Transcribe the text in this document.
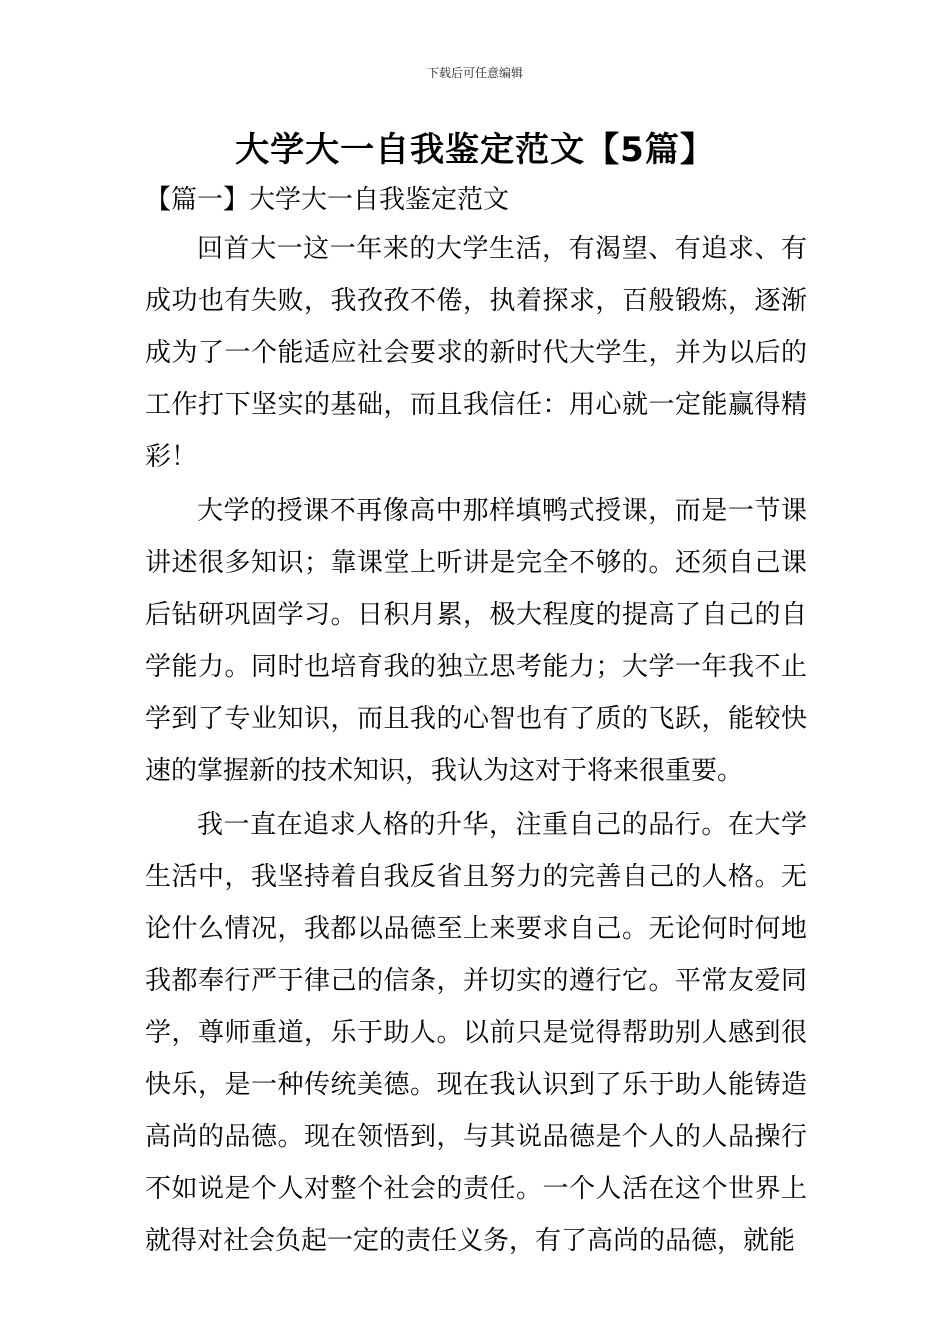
下载后可任意编辑
大学大一自我鉴定范文【5篇】
【篇一】大学大一自我鉴定范文

回首大一这一年来的大学生活，有渴望、有追求、有成功也有失败，我孜孜不倦，执着探求，百般锻炼，逐渐成为了一个能适应社会要求的新时代大学生，并为以后的工作打下坚实的基础，而且我信任：用心就一定能赢得精彩！

大学的授课不再像高中那样填鸭式授课，而是一节课讲述很多知识；靠课堂上听讲是完全不够的。还须自己课后钻研巩固学习。日积月累，极大程度的提高了自己的自学能力。同时也培育我的独立思考能力；大学一年我不止学到了专业知识，而且我的心智也有了质的飞跃，能较快速的掌握新的技术知识，我认为这对于将来很重要。

我一直在追求人格的升华，注重自己的品行。在大学生活中，我坚持着自我反省且努力的完善自己的人格。无论什么情况，我都以品德至上来要求自己。无论何时何地我都奉行严于律己的信条，并切实的遵行它。平常友爱同学，尊师重道，乐于助人。以前只是觉得帮助别人感到很快乐，是一种传统美德。现在我认识到了乐于助人能铸造高尚的品德。现在领悟到，与其说品德是个人的人品操行不如说是个人对整个社会的责任。一个人活在这个世界上就得对社会负起一定的责任义务，有了高尚的品德，就能
